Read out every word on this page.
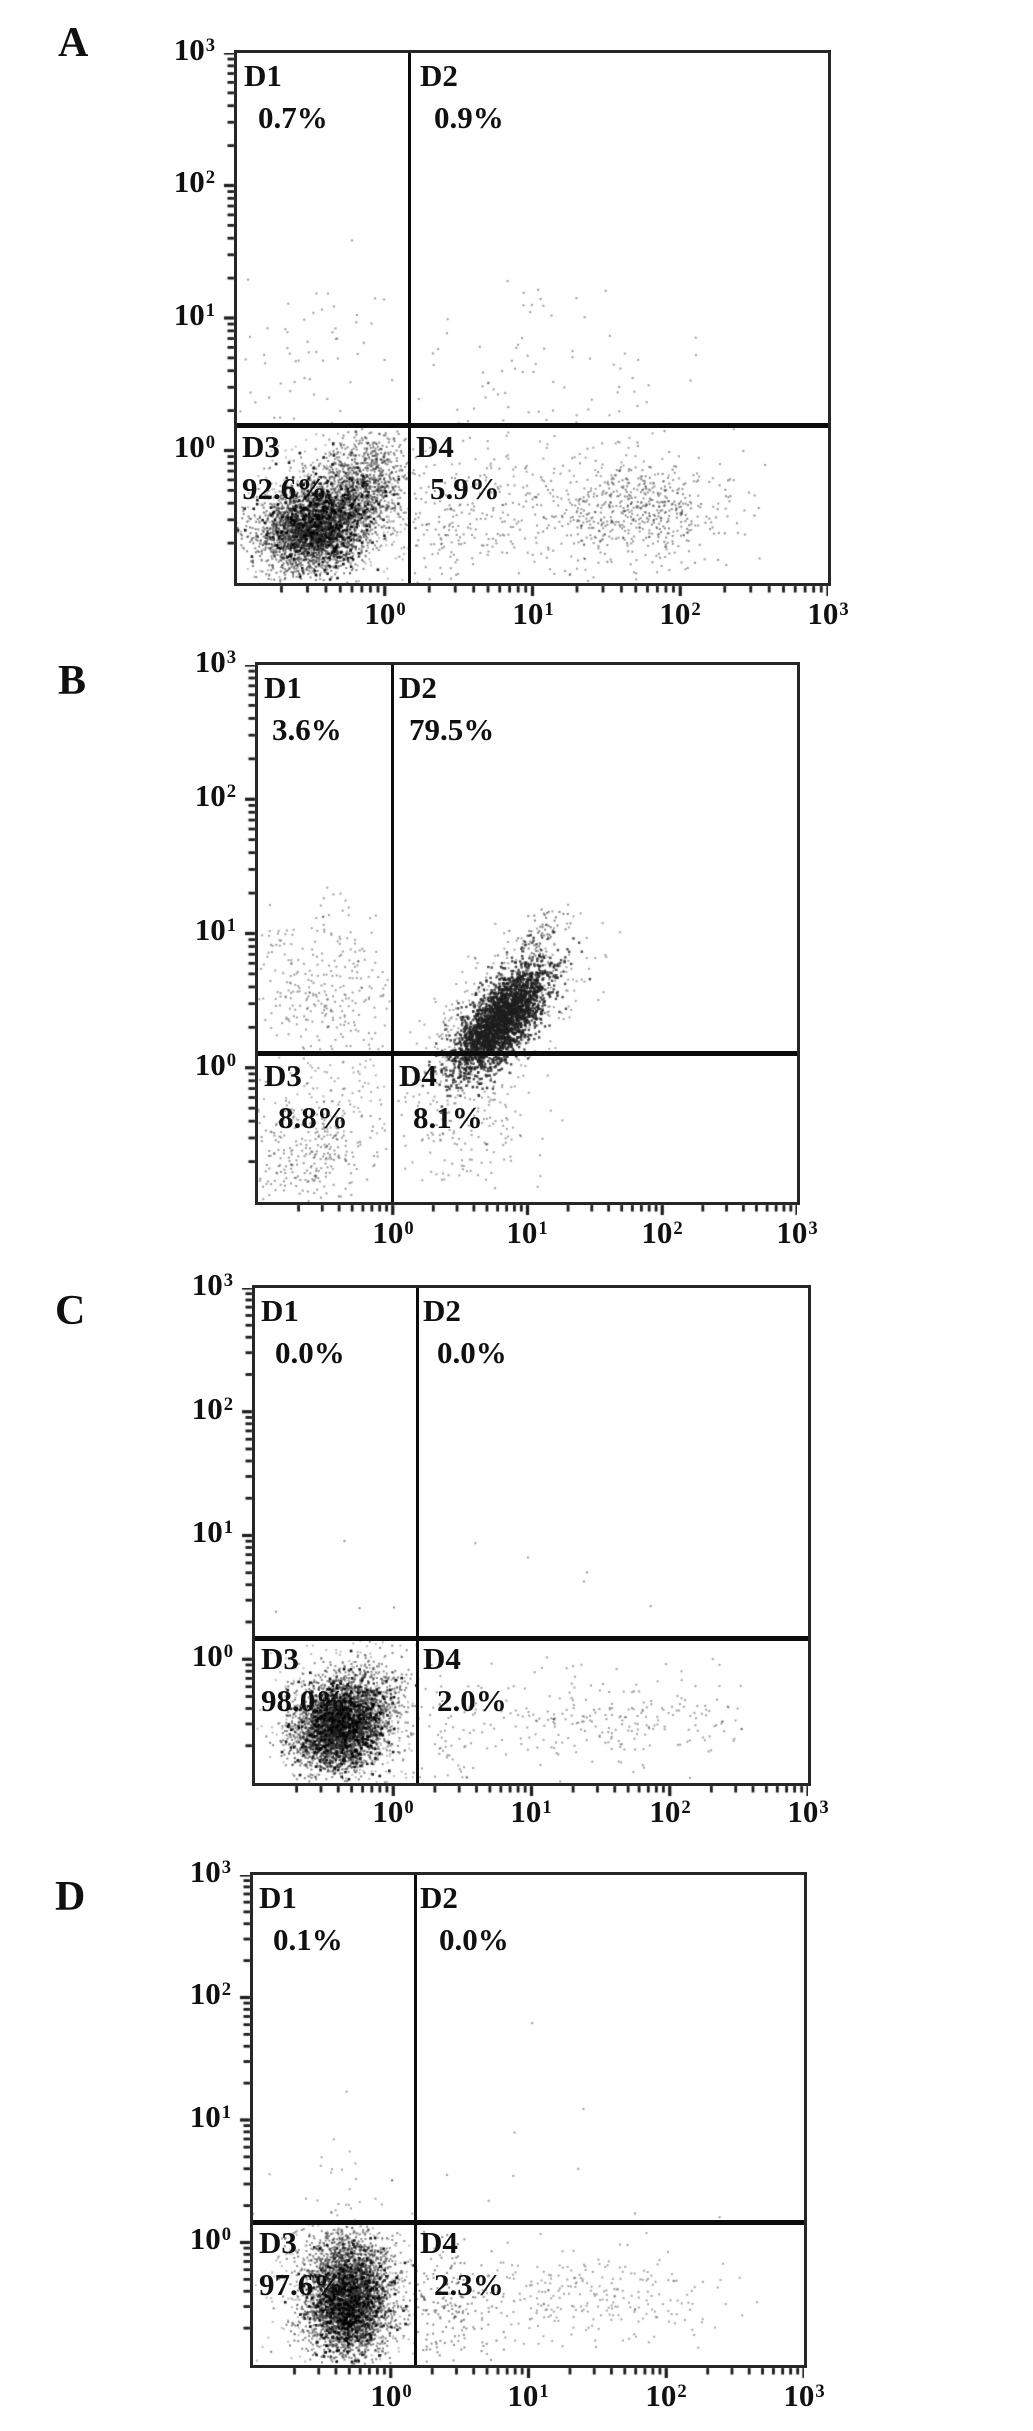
A	$10^3$
$10^2$
$10^1$
$10^0$
$10^0$	$10^1$	$10^2$	$10^3$
D1
0.7%
D2
0.9%
D3
92.6%
D4
5.9%
B	$10^3$
$10^2$
$10^1$
$10^0$
$10^0$	$10^1$	$10^2$	$10^3$
D1
3.6%
D2
79.5%
D3
8.8%
D4
8.1%
C
$10^3$
$10^2$
$10^1$
$10^0$
$10^0$	$10^1$	$10^2$	$10^3$
D1
0.0%
D2
0.0%
D3
98.0%
D4
2.0%
D
$10^3$
$10^2$
$10^1$
$10^0$
$10^0$	$10^1$	$10^2$	$10^3$
D1
0.1%
D2
0.0%
D3
97.6%
D4
2.3%
